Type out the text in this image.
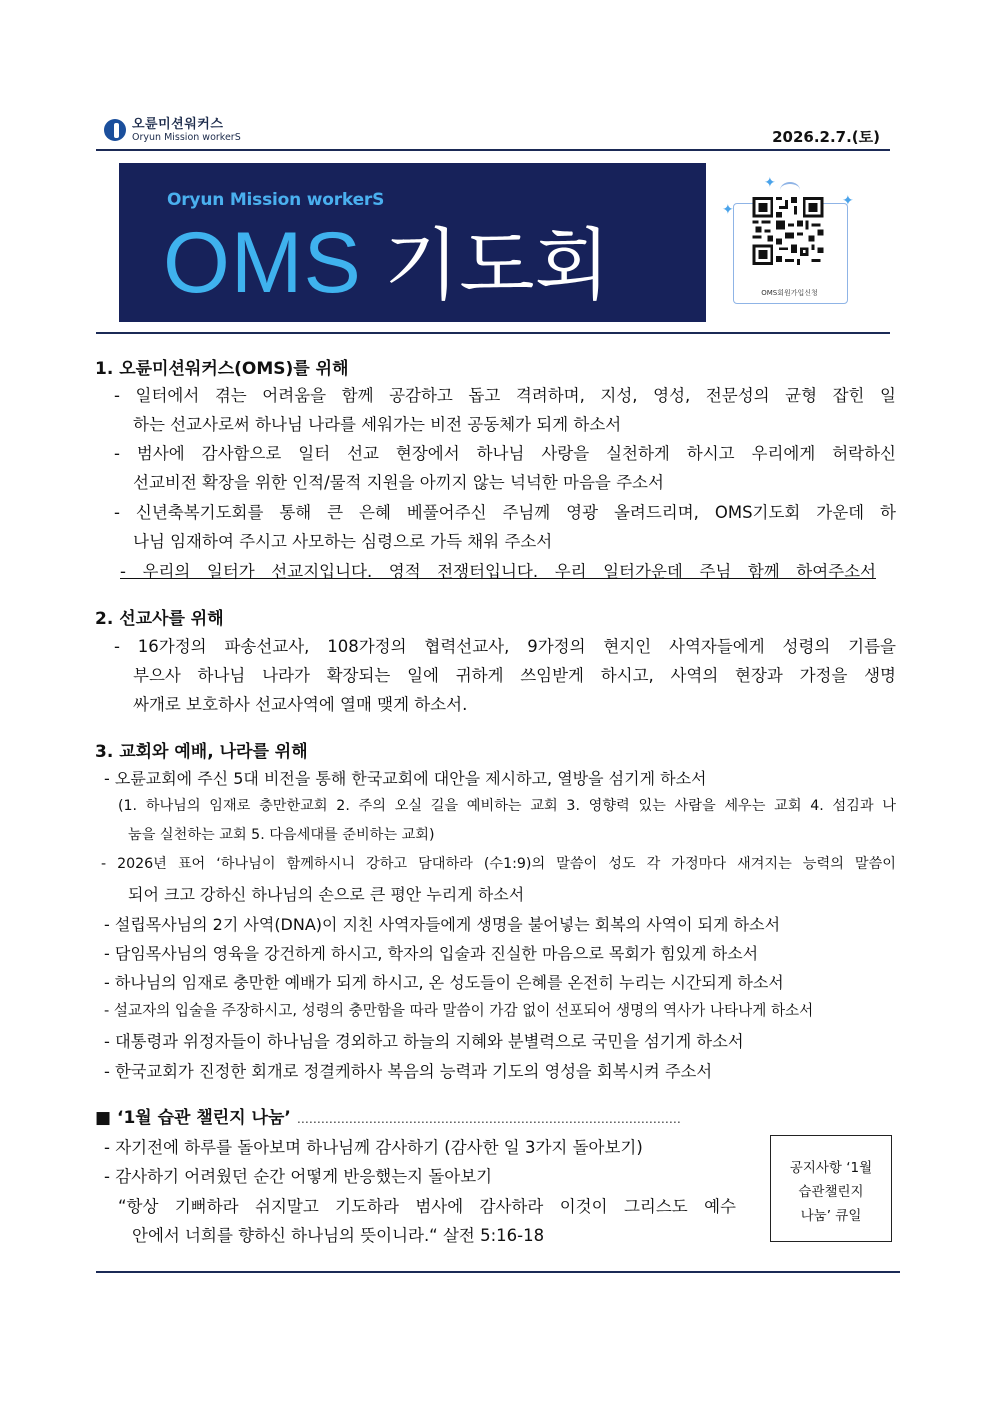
오륜미션워커스
Oryun Mission workerS	2026.2.7.(토)
Oryun Mission workerS
OMS 기도회
✦
✦
✦
OMS회원가입신청
1. 오륜미션워커스(OMS)를 위해
- 일터에서 겪는 어려움을 함께 공감하고 돕고 격려하며, 지성, 영성, 전문성의 균형 잡힌 일
하는 선교사로써 하나님 나라를 세워가는 비전 공동체가 되게 하소서
- 범사에 감사함으로 일터 선교 현장에서 하나님 사랑을 실천하게 하시고 우리에게 허락하신
선교비전 확장을 위한 인적/물적 지원을 아끼지 않는 넉넉한 마음을 주소서
- 신년축복기도회를 통해 큰 은혜 베풀어주신 주님께 영광 올려드리며, OMS기도회 가운데 하
나님 임재하여 주시고 사모하는 심령으로 가득 채워 주소서
- 우리의 일터가 선교지입니다. 영적 전쟁터입니다. 우리 일터가운데 주님 함께 하여주소서
2. 선교사를 위해
- 16가정의 파송선교사, 108가정의 협력선교사, 9가정의 현지인 사역자들에게 성령의 기름을
부으사 하나님 나라가 확장되는 일에 귀하게 쓰임받게 하시고, 사역의 현장과 가정을 생명
싸개로 보호하사 선교사역에 열매 맺게 하소서.
3. 교회와 예배, 나라를 위해
- 오륜교회에 주신 5대 비전을 통해 한국교회에 대안을 제시하고, 열방을 섬기게 하소서
(1. 하나님의 임재로 충만한교회 2. 주의 오실 길을 예비하는 교회 3. 영향력 있는 사람을 세우는 교회 4. 섬김과 나
눔을 실천하는 교회 5. 다음세대를 준비하는 교회)
- 2026년 표어 ‘하나님이 함께하시니 강하고 담대하라 (수1:9)의 말씀이 성도 각 가정마다 새겨지는 능력의 말씀이
되어 크고 강하신 하나님의 손으로 큰 평안 누리게 하소서
- 설립목사님의 2기 사역(DNA)이 지친 사역자들에게 생명을 불어넣는 회복의 사역이 되게 하소서
- 담임목사님의 영육을 강건하게 하시고, 학자의 입술과 진실한 마음으로 목회가 힘있게 하소서
- 하나님의 임재로 충만한 예배가 되게 하시고, 온 성도들이 은혜를 온전히 누리는 시간되게 하소서
- 설교자의 입술을 주장하시고, 성령의 충만함을 따라 말씀이 가감 없이 선포되어 생명의 역사가 나타나게 하소서
- 대통령과 위정자들이 하나님을 경외하고 하늘의 지혜와 분별력으로 국민을 섬기게 하소서
- 한국교회가 진정한 회개로 정결케하사 복음의 능력과 기도의 영성을 회복시켜 주소서
■ ‘1월 습관 챌린지 나눔’ ……………………………………………………………………………………
- 자기전에 하루를 돌아보며 하나님께 감사하기 (감사한 일 3가지 돌아보기)
- 감사하기 어려웠던 순간 어떻게 반응했는지 돌아보기
“항상 기뻐하라 쉬지말고 기도하라 범사에 감사하라 이것이 그리스도 예수
안에서 너희를 향하신 하나님의 뜻이니라.“ 살전 5:16-18
공지사항 ‘1월
습관챌린지
나눔’ 큐일
